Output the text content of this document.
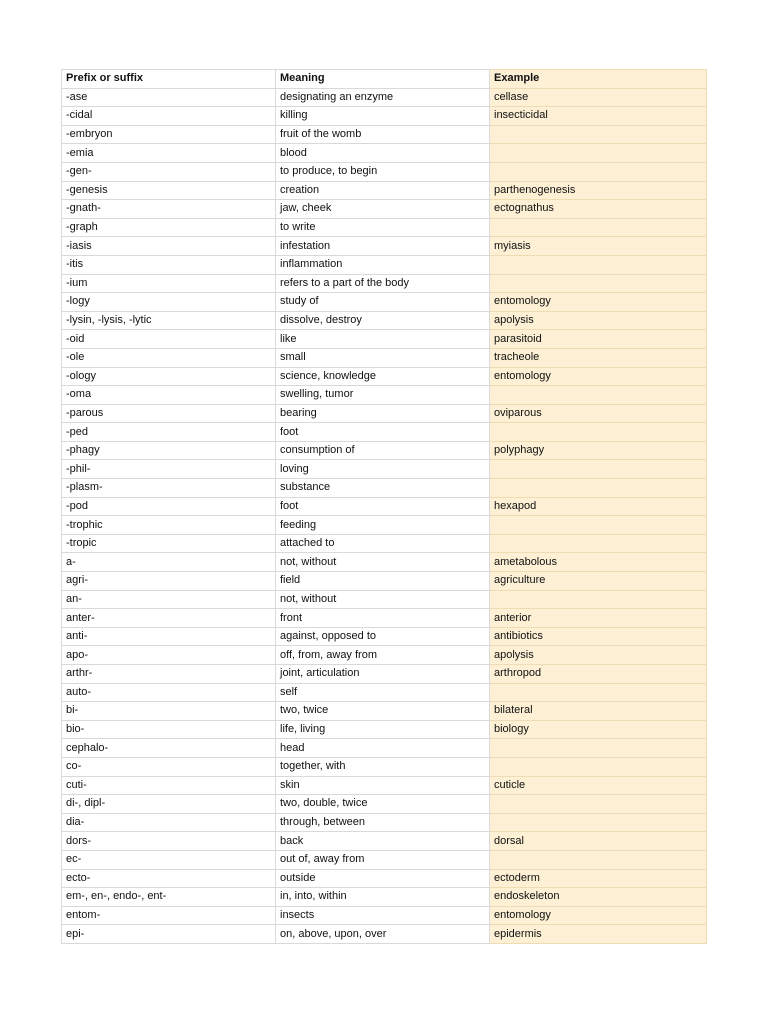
Prefix or suffix	Meaning	Example
-ase	designating an enzyme	cellase
-cidal	killing	insecticidal
-embryon	fruit of the womb	
-emia	blood	
-gen-	to produce, to begin	
-genesis	creation	parthenogenesis
-gnath-	jaw, cheek	ectognathus
-graph	to write	
-iasis	infestation	myiasis
-itis	inflammation	
-ium	refers to a part of the body	
-logy	study of	entomology
-lysin, -lysis, -lytic	dissolve, destroy	apolysis
-oid	like	parasitoid
-ole	small	tracheole
-ology	science, knowledge	entomology
-oma	swelling, tumor	
-parous	bearing	oviparous
-ped	foot	
-phagy	consumption of	polyphagy
-phil-	loving	
-plasm-	substance	
-pod	foot	hexapod
-trophic	feeding	
-tropic	attached to	
a-	not, without	ametabolous
agri-	field	agriculture
an-	not, without	
anter-	front	anterior
anti-	against, opposed to	antibiotics
apo-	off, from, away from	apolysis
arthr-	joint, articulation	arthropod
auto-	self	
bi-	two, twice	bilateral
bio-	life, living	biology
cephalo-	head	
co-	together, with	
cuti-	skin	cuticle
di-, dipl-	two, double, twice	
dia-	through, between	
dors-	back	dorsal
ec-	out of, away from	
ecto-	outside	ectoderm
em-, en-, endo-, ent-	in, into, within	endoskeleton
entom-	insects	entomology
epi-	on, above, upon, over	epidermis
